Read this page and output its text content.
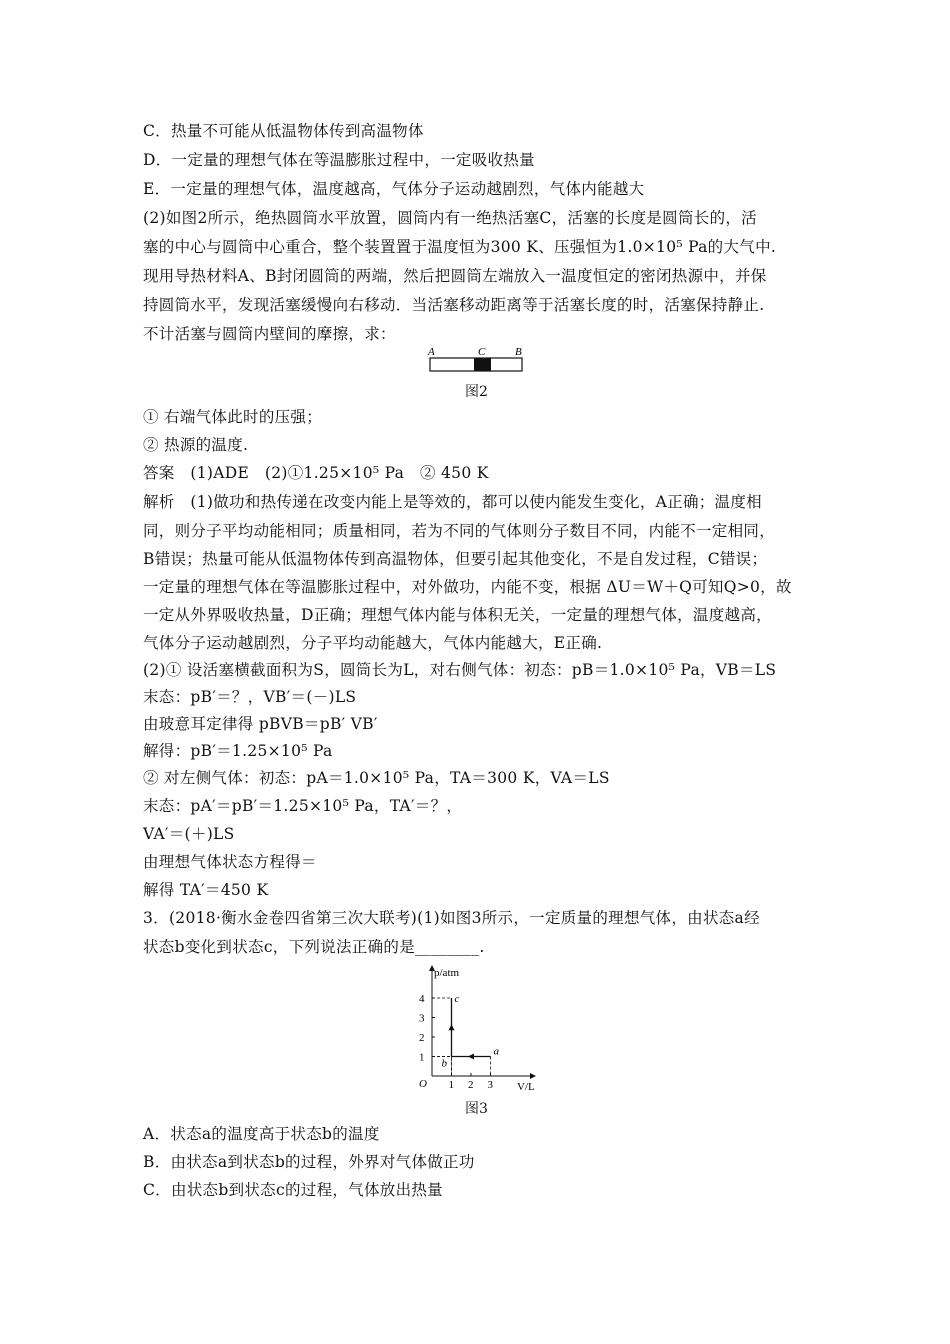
C．热量不可能从低温物体传到高温物体
D．一定量的理想气体在等温膨胀过程中，一定吸收热量
E．一定量的理想气体，温度越高，气体分子运动越剧烈，气体内能越大
(2)如图2所示，绝热圆筒水平放置，圆筒内有一绝热活塞C，活塞的长度是圆筒长的，活
塞的中心与圆筒中心重合，整个装置置于温度恒为300 K、压强恒为1.0×10⁵ Pa的大气中.
现用导热材料A、B封闭圆筒的两端，然后把圆筒左端放入一温度恒定的密闭热源中，并保
持圆筒水平，发现活塞缓慢向右移动．当活塞移动距离等于活塞长度的时，活塞保持静止.
不计活塞与圆筒内壁间的摩擦，求：
A	C	B
图2
① 右端气体此时的压强；
② 热源的温度.
答案　(1)ADE　(2)①1.25×10⁵ Pa　② 450 K
解析　(1)做功和热传递在改变内能上是等效的，都可以使内能发生变化，A正确；温度相
同，则分子平均动能相同；质量相同，若为不同的气体则分子数目不同，内能不一定相同，
B错误；热量可能从低温物体传到高温物体，但要引起其他变化，不是自发过程，C错误；
一定量的理想气体在等温膨胀过程中，对外做功，内能不变，根据 ΔU＝W＋Q可知Q>0，故
一定从外界吸收热量，D正确；理想气体内能与体积无关，一定量的理想气体，温度越高，
气体分子运动越剧烈，分子平均动能越大，气体内能越大，E正确.
(2)① 设活塞横截面积为S，圆筒长为L，对右侧气体：初态：pB＝1.0×10⁵ Pa，VB＝LS
末态：pB′＝？，VB′＝(－)LS
由玻意耳定律得 pBVB＝pB′ VB′
解得：pB′＝1.25×10⁵ Pa
② 对左侧气体：初态：pA＝1.0×10⁵ Pa，TA＝300 K，VA＝LS
末态：pA′＝pB′＝1.25×10⁵ Pa，TA′＝？，
VA′＝(＋)LS
由理想气体状态方程得＝
解得 TA′＝450 K
3．(2018·衡水金卷四省第三次大联考)(1)如图3所示，一定质量的理想气体，由状态a经
状态b变化到状态c，下列说法正确的是________.
p/atm
V/L
O
1
2
3
4
1 2 3
a
b
c
图3
A．状态a的温度高于状态b的温度
B．由状态a到状态b的过程，外界对气体做正功
C．由状态b到状态c的过程，气体放出热量
